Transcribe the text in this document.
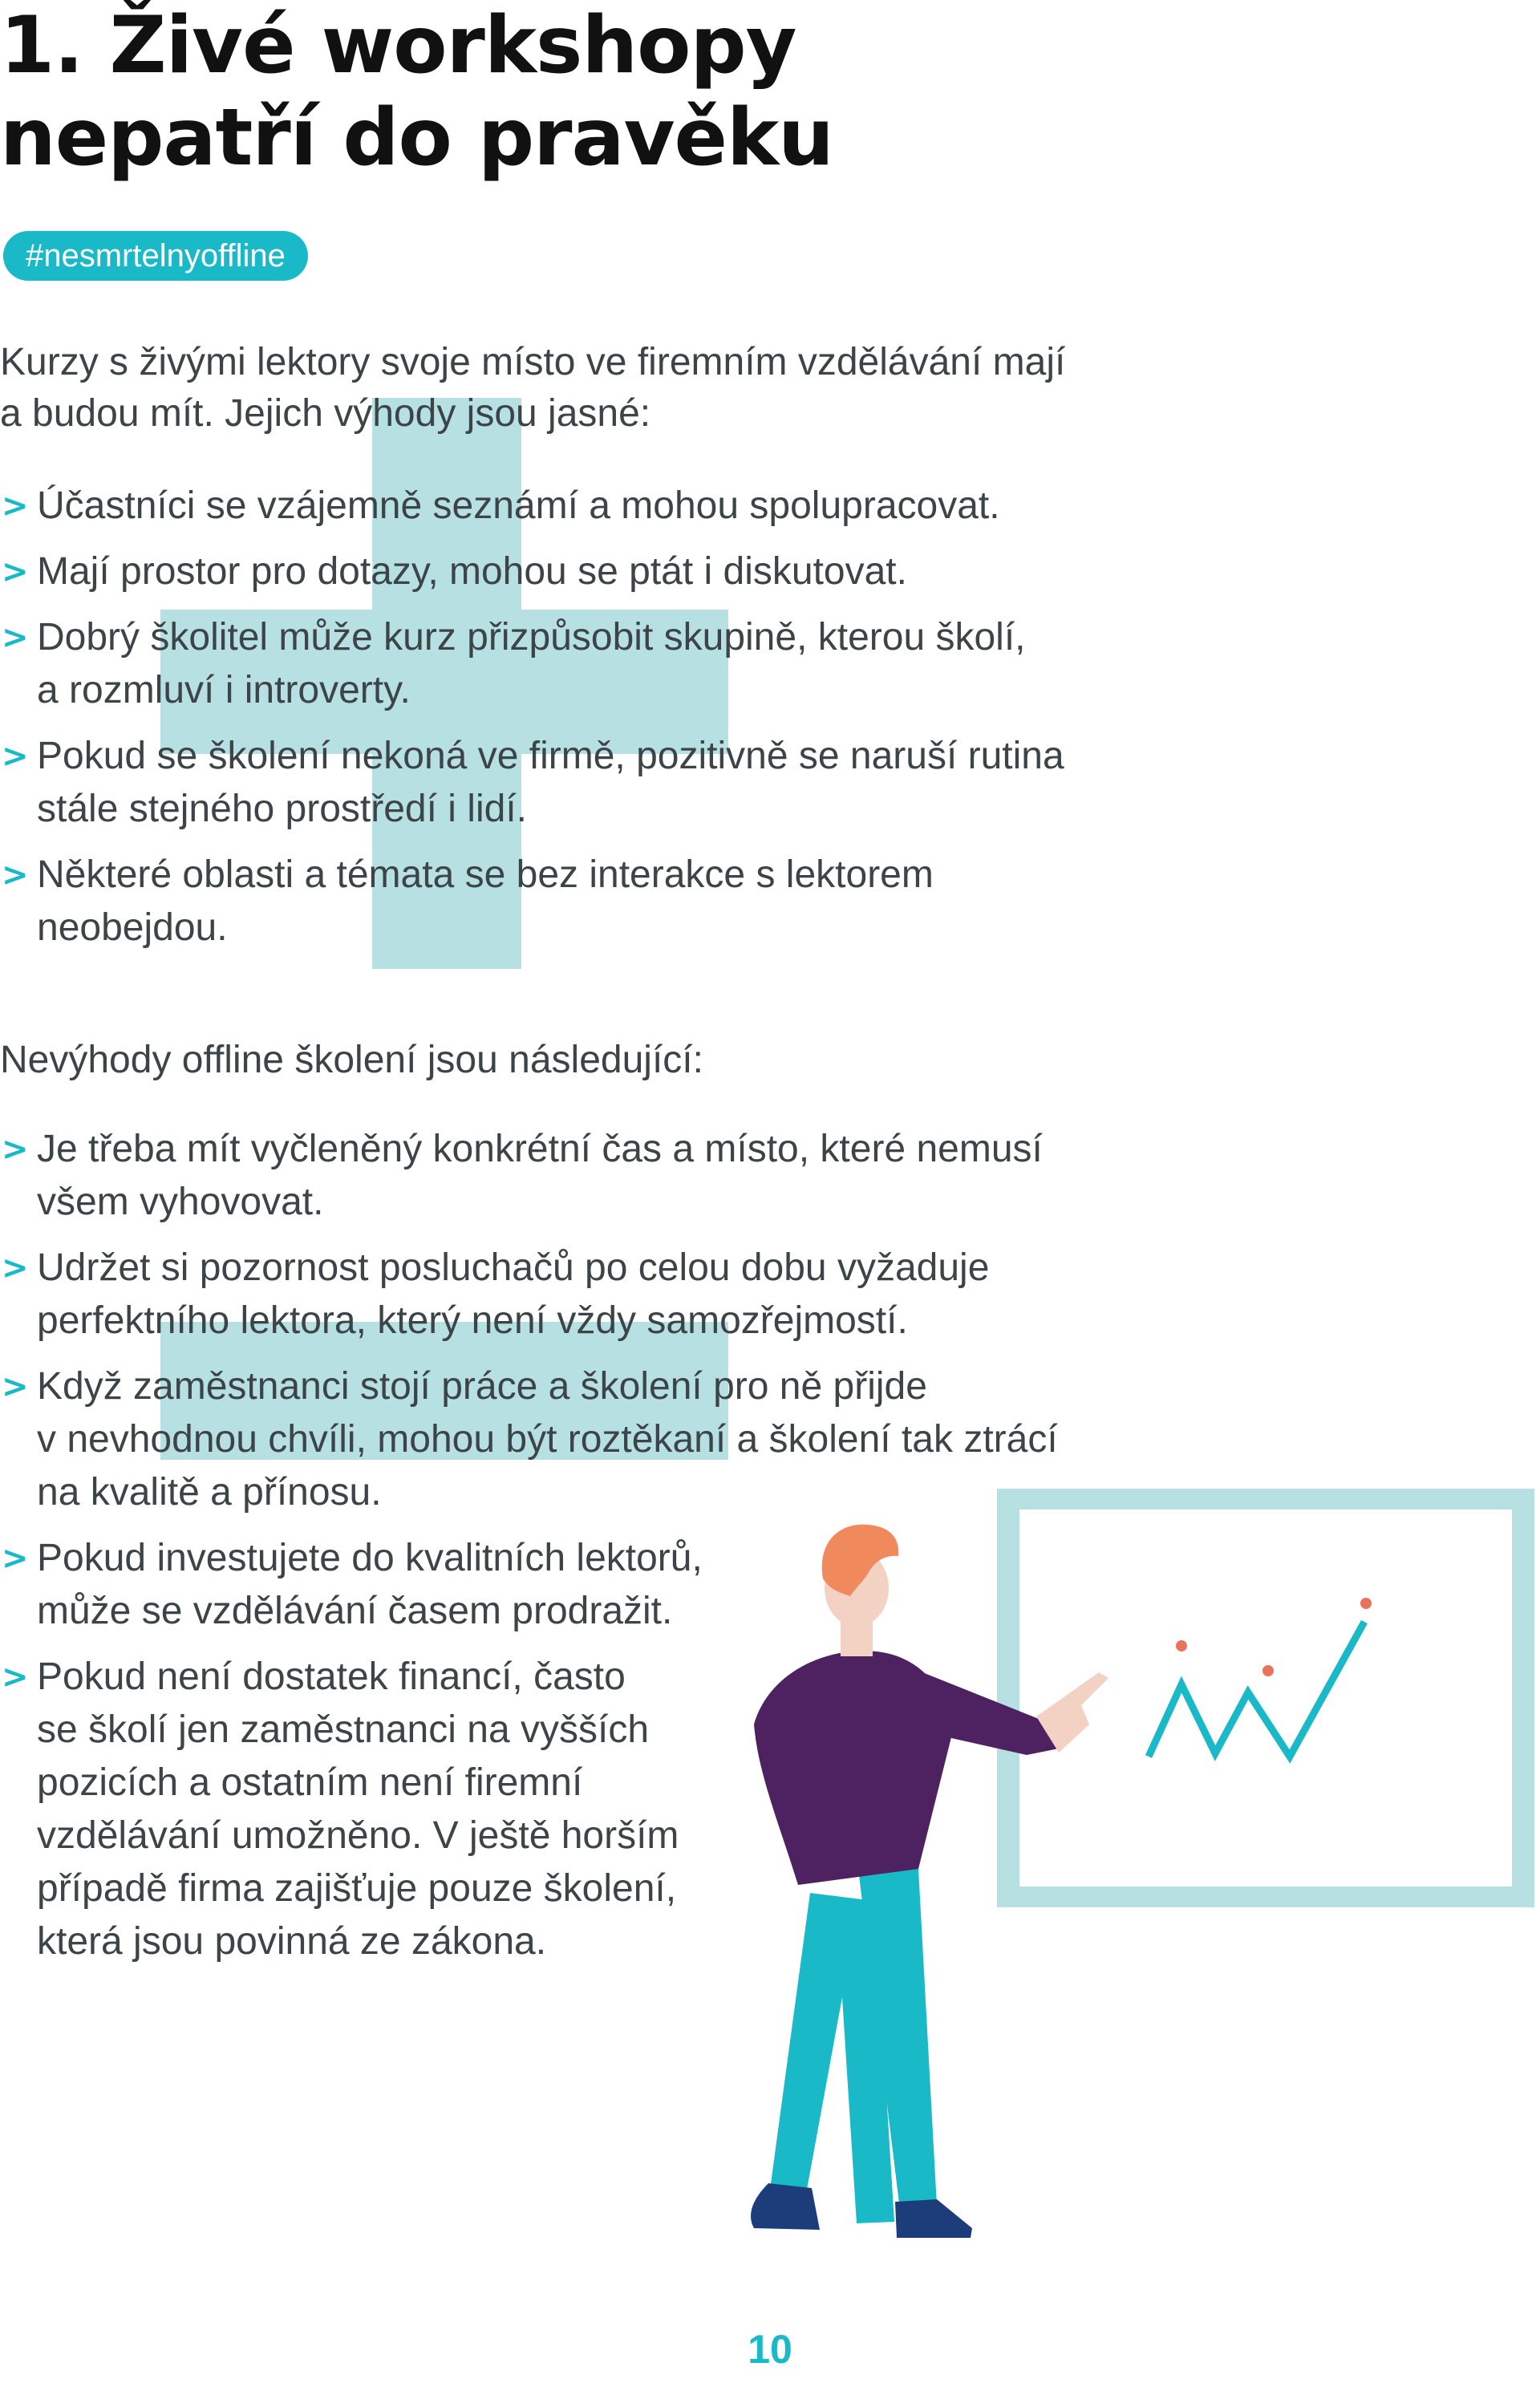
1. Živé workshopy
nepatří do pravěku
#nesmrtelnyoffline

Kurzy s živými lektory svoje místo ve firemním vzdělávání mají
a budou mít. Jejich výhody jsou jasné:

> Účastníci se vzájemně seznámí a mohou spolupracovat.
> Mají prostor pro dotazy, mohou se ptát i diskutovat.
> Dobrý školitel může kurz přizpůsobit skupině, kterou školí,
a rozmluví i introverty.
> Pokud se školení nekoná ve firmě, pozitivně se naruší rutina
stále stejného prostředí i lidí.
> Některé oblasti a témata se bez interakce s lektorem
neobejdou.

Nevýhody offline školení jsou následující:

> Je třeba mít vyčleněný konkrétní čas a místo, které nemusí
všem vyhovovat.
> Udržet si pozornost posluchačů po celou dobu vyžaduje
perfektního lektora, který není vždy samozřejmostí.
> Když zaměstnanci stojí práce a školení pro ně přijde
v nevhodnou chvíli, mohou být roztěkaní a školení tak ztrácí
na kvalitě a přínosu.
> Pokud investujete do kvalitních lektorů,
může se vzdělávání časem prodražit.
> Pokud není dostatek financí, často
se školí jen zaměstnanci na vyšších
pozicích a ostatním není firemní
vzdělávání umožněno. V ještě horším
případě firma zajišťuje pouze školení,
která jsou povinná ze zákona.
10
